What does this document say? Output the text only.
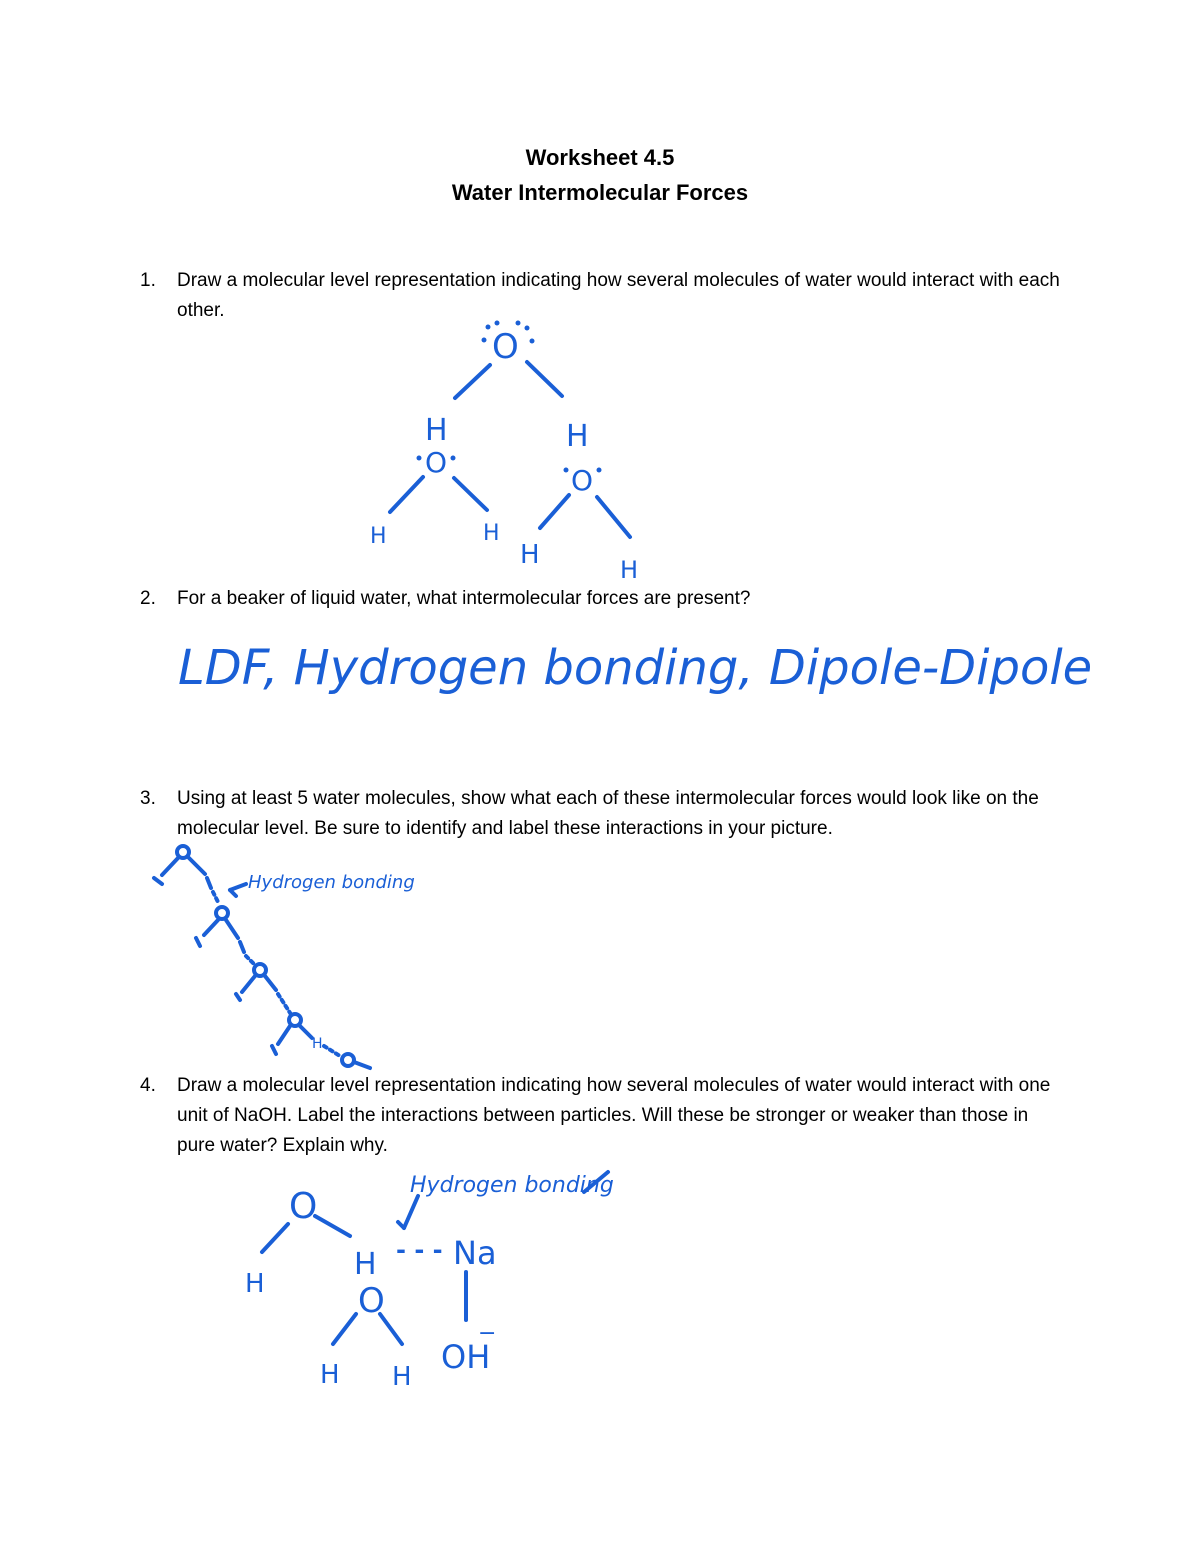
Worksheet 4.5
Water Intermolecular Forces
1. Draw a molecular level representation indicating how several molecules of water would interact with each other.
2. For a beaker of liquid water, what intermolecular forces are present?
3. Using at least 5 water molecules, show what each of these intermolecular forces would look like on the molecular level. Be sure to identify and label these interactions in your picture.
4. Draw a molecular level representation indicating how several molecules of water would interact with one unit of NaOH. Label the interactions between particles. Will these be stronger or weaker than those in pure water? Explain why.
O
H	H
O
O
H	H
H	H
LDF, Hydrogen bonding, Dipole-Dipole
H
Hydrogen bonding
O
H
H - - - Na
OH
−
O
H H
Hydrogen bonding
